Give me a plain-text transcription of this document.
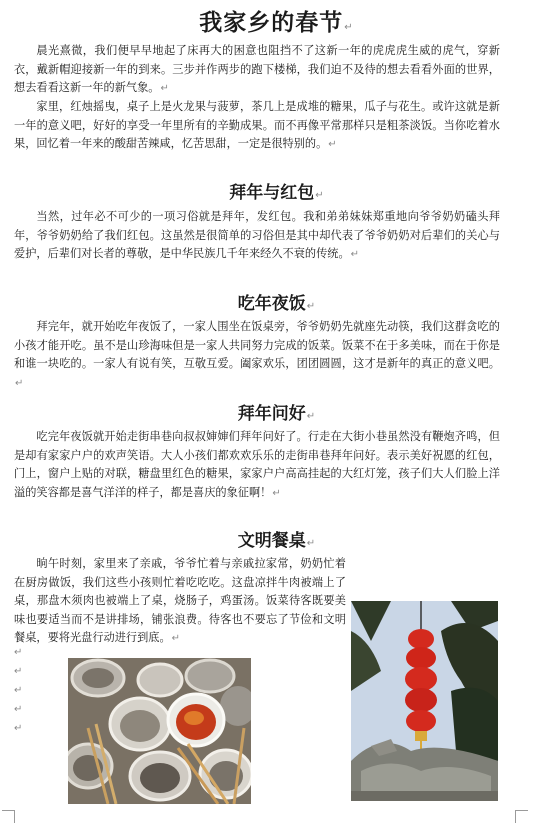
我家乡的春节↵

晨光熹微，我们便早早地起了床再大的困意也阻挡不了这新一年的虎虎虎生威的虎气，穿新衣，戴新帽迎接新一年的到来。三步并作两步的跑下楼梯，我们迫不及待的想去看看外面的世界，想去看看这新一年的新气象。↵

家里，红烛摇曳，桌子上是火龙果与菠萝，茶几上是成堆的糖果，瓜子与花生。或许这就是新一年的意义吧，好好的享受一年里所有的辛勤成果。而不再像平常那样只是粗茶淡饭。当你吃着水果，回忆着一年来的酸甜苦辣咸，忆苦思甜，一定是很特别的。↵

拜年与红包↵

当然，过年必不可少的一项习俗就是拜年，发红包。我和弟弟妹妹郑重地向爷爷奶奶磕头拜年，爷爷奶奶给了我们红包。这虽然是很简单的习俗但是其中却代表了爷爷奶奶对后辈们的关心与爱护，后辈们对长者的尊敬，是中华民族几千年来经久不衰的传统。↵

吃年夜饭↵

拜完年，就开始吃年夜饭了，一家人围坐在饭桌旁，爷爷奶奶先就座先动筷，我们这群贪吃的小孩才能开吃。虽不是山珍海味但是一家人共同努力完成的饭菜。饭菜不在于多美味，而在于你是和谁一块吃的。一家人有说有笑，互敬互爱。阖家欢乐，团团圆圆，这才是新年的真正的意义吧。↵

拜年问好↵

吃完年夜饭就开始走街串巷向叔叔婶婶们拜年问好了。行走在大街小巷虽然没有鞭炮齐鸣，但是却有家家户户的欢声笑语。大人小孩们都欢欢乐乐的走街串巷拜年问好。表示美好祝愿的红包，门上，窗户上贴的对联，糖盘里红色的糖果，家家户户高高挂起的大红灯笼，孩子们大人们脸上洋溢的笑容都是喜气洋洋的样子，都是喜庆的象征啊！↵

文明餐桌↵

晌午时刻，家里来了亲戚，爷爷忙着与亲戚拉家常，奶奶忙着在厨房做饭，我们这些小孩则忙着吃吃吃。这盘凉拌牛肉被端上了桌，那盘木须肉也被端上了桌，烧肠子，鸡蛋汤。饭菜待客既要美味也要适当而不是讲排场，铺张浪费。待客也不要忘了节俭和文明餐桌，要将光盘行动进行到底。↵

↵
↵
↵
↵
↵
